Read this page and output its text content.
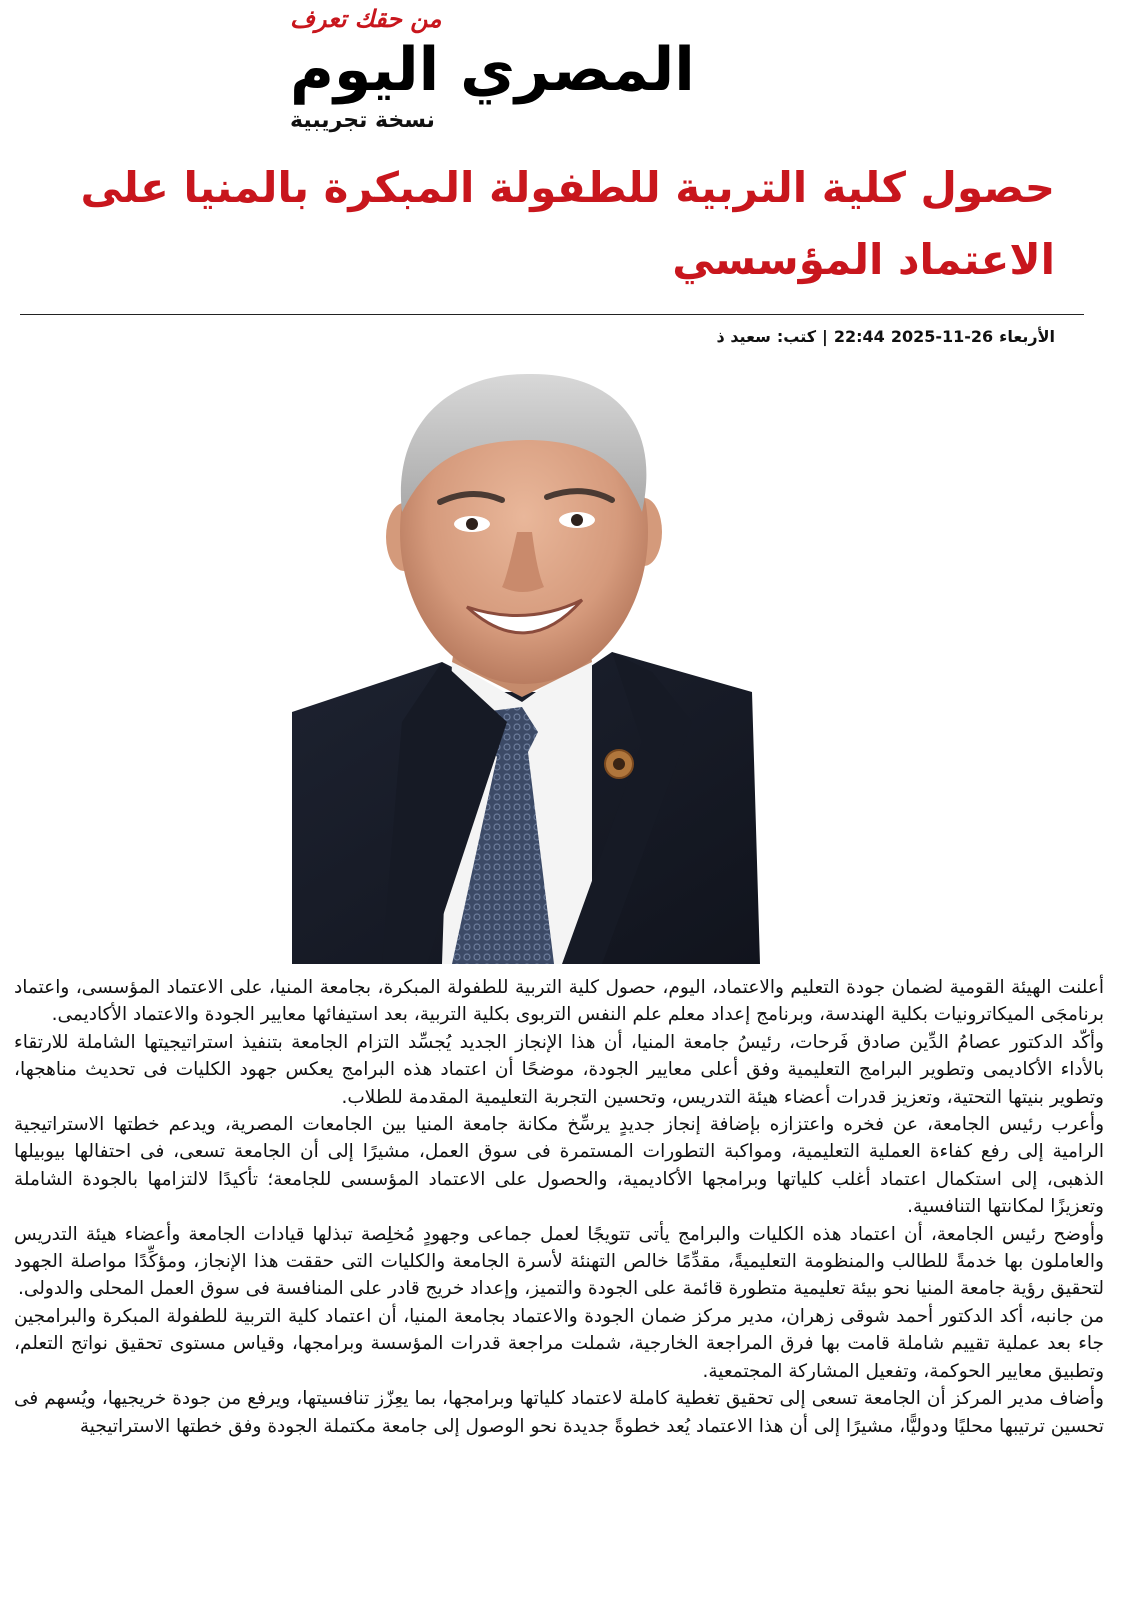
من حقك تعرف
المصري اليوم
نسخة تجريبية
حصول كلية التربية للطفولة المبكرة بالمنيا على الاعتماد المؤسسي
الأربعاء
2025-11-26
22:44
|
كتب:
سعيد ذ

أعلنت الهيئة القومية لضمان جودة التعليم والاعتماد، اليوم، حصول كلية التربية للطفولة المبكرة، بجامعة المنيا، على الاعتماد المؤسسى، واعتماد برنامجَى الميكاترونيات بكلية الهندسة، وبرنامج إعداد معلم علم النفس التربوى بكلية التربية، بعد استيفائها معايير الجودة والاعتماد الأكاديمى.

وأكّد الدكتور عصامُ الدِّين صادق فَرحات، رئيسُ جامعة المنيا، أن هذا الإنجاز الجديد يُجسِّد التزام الجامعة بتنفيذ استراتيجيتها الشاملة للارتقاء بالأداء الأكاديمى وتطوير البرامج التعليمية وفق أعلى معايير الجودة، موضحًا أن اعتماد هذه البرامج يعكس جهود الكليات فى تحديث مناهجها، وتطوير بنيتها التحتية، وتعزيز قدرات أعضاء هيئة التدريس، وتحسين التجربة التعليمية المقدمة للطلاب.

وأعرب رئيس الجامعة، عن فخره واعتزازه بإضافة إنجاز جديدٍ يرسِّخ مكانة جامعة المنيا بين الجامعات المصرية، ويدعم خطتها الاستراتيجية الرامية إلى رفع كفاءة العملية التعليمية، ومواكبة التطورات المستمرة فى سوق العمل، مشيرًا إلى أن الجامعة تسعى، فى احتفالها بيوبيلها الذهبى، إلى استكمال اعتماد أغلب كلياتها وبرامجها الأكاديمية، والحصول على الاعتماد المؤسسى للجامعة؛ تأكيدًا لالتزامها بالجودة الشاملة وتعزيزًا لمكانتها التنافسية.

وأوضح رئيس الجامعة، أن اعتماد هذه الكليات والبرامج يأتى تتويجًا لعمل جماعى وجهودٍ مُخلِصة تبذلها قيادات الجامعة وأعضاء هيئة التدريس والعاملون بها خدمةً للطالب والمنظومة التعليميةً، مقدِّمًا خالص التهنئة لأسرة الجامعة والكليات التى حققت هذا الإنجاز، ومؤكِّدًا مواصلة الجهود لتحقيق رؤية جامعة المنيا نحو بيئة تعليمية متطورة قائمة على الجودة والتميز، وإعداد خريج قادر على المنافسة فى سوق العمل المحلى والدولى.

من جانبه، أكد الدكتور أحمد شوقى زهران، مدير مركز ضمان الجودة والاعتماد بجامعة المنيا، أن اعتماد كلية التربية للطفولة المبكرة والبرامجين جاء بعد عملية تقييم شاملة قامت بها فرق المراجعة الخارجية، شملت مراجعة قدرات المؤسسة وبرامجها، وقياس مستوى تحقيق نواتج التعلم، وتطبيق معايير الحوكمة، وتفعيل المشاركة المجتمعية.

وأضاف مدير المركز أن الجامعة تسعى إلى تحقيق تغطية كاملة لاعتماد كلياتها وبرامجها، بما يعِزّز تنافسيتها، ويرفع من جودة خريجيها، ويُسهم فى تحسين ترتيبها محليًا ودوليًّا، مشيرًا إلى أن هذا الاعتماد يُعد خطوةً جديدة نحو الوصول إلى جامعة مكتملة الجودة وفق خطتها الاستراتيجية
